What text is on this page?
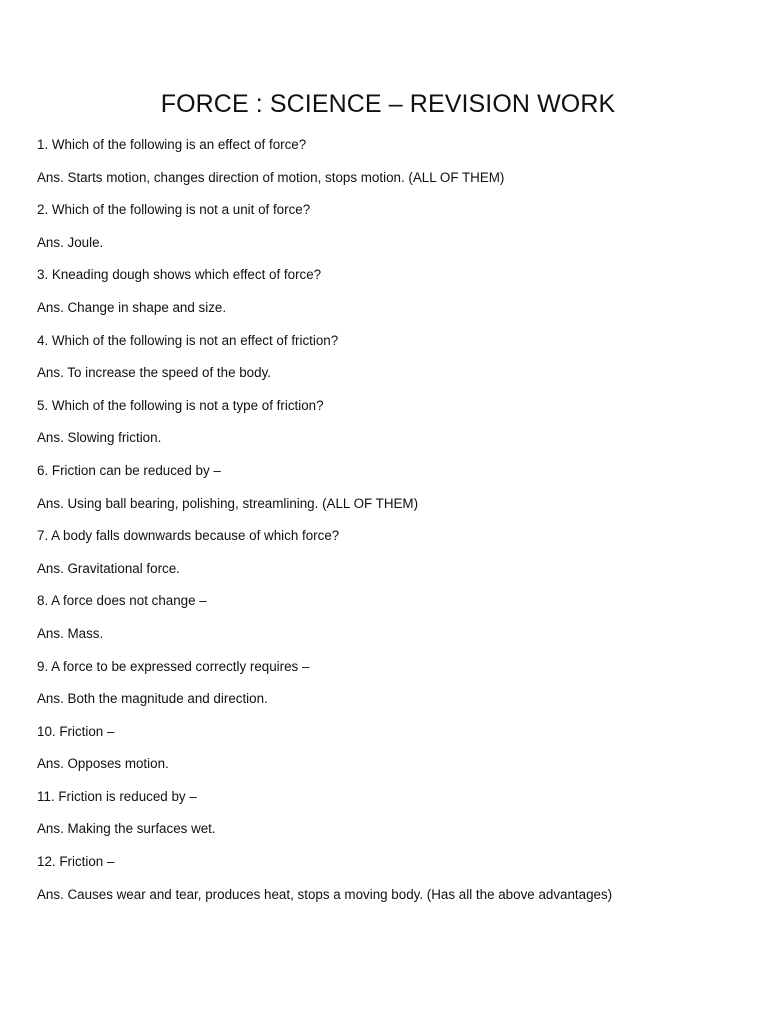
FORCE : SCIENCE – REVISION WORK
1. Which of the following is an effect of force?
Ans. Starts motion, changes direction of motion, stops motion. (ALL OF THEM)
2. Which of the following is not a unit of force?
Ans. Joule.
3. Kneading dough shows which effect of force?
Ans. Change in shape and size.
4. Which of the following is not an effect of friction?
Ans. To increase the speed of the body.
5. Which of the following is not a type of friction?
Ans. Slowing friction.
6. Friction can be reduced by –
Ans. Using ball bearing, polishing, streamlining. (ALL OF THEM)
7. A body falls downwards because of which force?
Ans. Gravitational force.
8. A force does not change –
Ans. Mass.
9. A force to be expressed correctly requires –
Ans. Both the magnitude and direction.
10. Friction –
Ans. Opposes motion.
11. Friction is reduced by –
Ans. Making the surfaces wet.
12. Friction –
Ans. Causes wear and tear, produces heat, stops a moving body. (Has all the above advantages)
